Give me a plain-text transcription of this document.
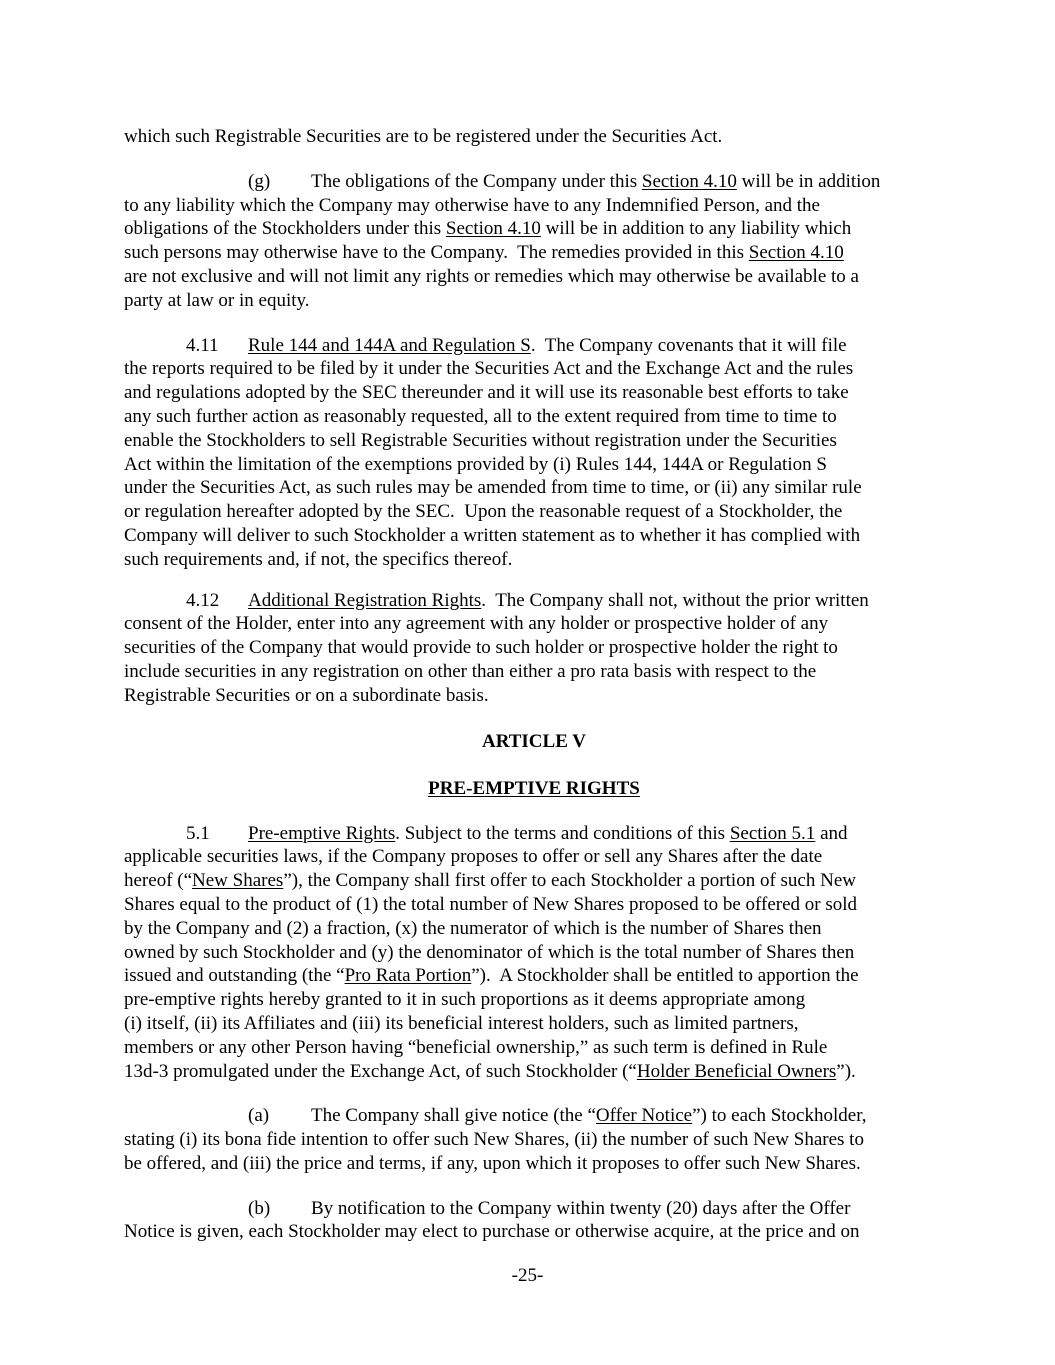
which such Registrable Securities are to be registered under the Securities Act.
(g) The obligations of the Company under this Section 4.10 will be in addition
to any liability which the Company may otherwise have to any Indemnified Person, and the
obligations of the Stockholders under this Section 4.10 will be in addition to any liability which
such persons may otherwise have to the Company.  The remedies provided in this Section 4.10
are not exclusive and will not limit any rights or remedies which may otherwise be available to a
party at law or in equity.
4.11 Rule 144 and 144A and Regulation S.  The Company covenants that it will file
the reports required to be filed by it under the Securities Act and the Exchange Act and the rules
and regulations adopted by the SEC thereunder and it will use its reasonable best efforts to take
any such further action as reasonably requested, all to the extent required from time to time to
enable the Stockholders to sell Registrable Securities without registration under the Securities
Act within the limitation of the exemptions provided by (i) Rules 144, 144A or Regulation S
under the Securities Act, as such rules may be amended from time to time, or (ii) any similar rule
or regulation hereafter adopted by the SEC.  Upon the reasonable request of a Stockholder, the
Company will deliver to such Stockholder a written statement as to whether it has complied with
such requirements and, if not, the specifics thereof.
4.12 Additional Registration Rights.  The Company shall not, without the prior written
consent of the Holder, enter into any agreement with any holder or prospective holder of any
securities of the Company that would provide to such holder or prospective holder the right to
include securities in any registration on other than either a pro rata basis with respect to the
Registrable Securities or on a subordinate basis.
ARTICLE V
PRE-EMPTIVE RIGHTS
5.1 Pre-emptive Rights. Subject to the terms and conditions of this Section 5.1 and
applicable securities laws, if the Company proposes to offer or sell any Shares after the date
hereof (“New Shares”), the Company shall first offer to each Stockholder a portion of such New
Shares equal to the product of (1) the total number of New Shares proposed to be offered or sold
by the Company and (2) a fraction, (x) the numerator of which is the number of Shares then
owned by such Stockholder and (y) the denominator of which is the total number of Shares then
issued and outstanding (the “Pro Rata Portion”).  A Stockholder shall be entitled to apportion the
pre-emptive rights hereby granted to it in such proportions as it deems appropriate among
(i) itself, (ii) its Affiliates and (iii) its beneficial interest holders, such as limited partners,
members or any other Person having “beneficial ownership,” as such term is defined in Rule
13d-3 promulgated under the Exchange Act, of such Stockholder (“Holder Beneficial Owners”).
(a) The Company shall give notice (the “Offer Notice”) to each Stockholder,
stating (i) its bona fide intention to offer such New Shares, (ii) the number of such New Shares to
be offered, and (iii) the price and terms, if any, upon which it proposes to offer such New Shares.
(b) By notification to the Company within twenty (20) days after the Offer
Notice is given, each Stockholder may elect to purchase or otherwise acquire, at the price and on
-25-
